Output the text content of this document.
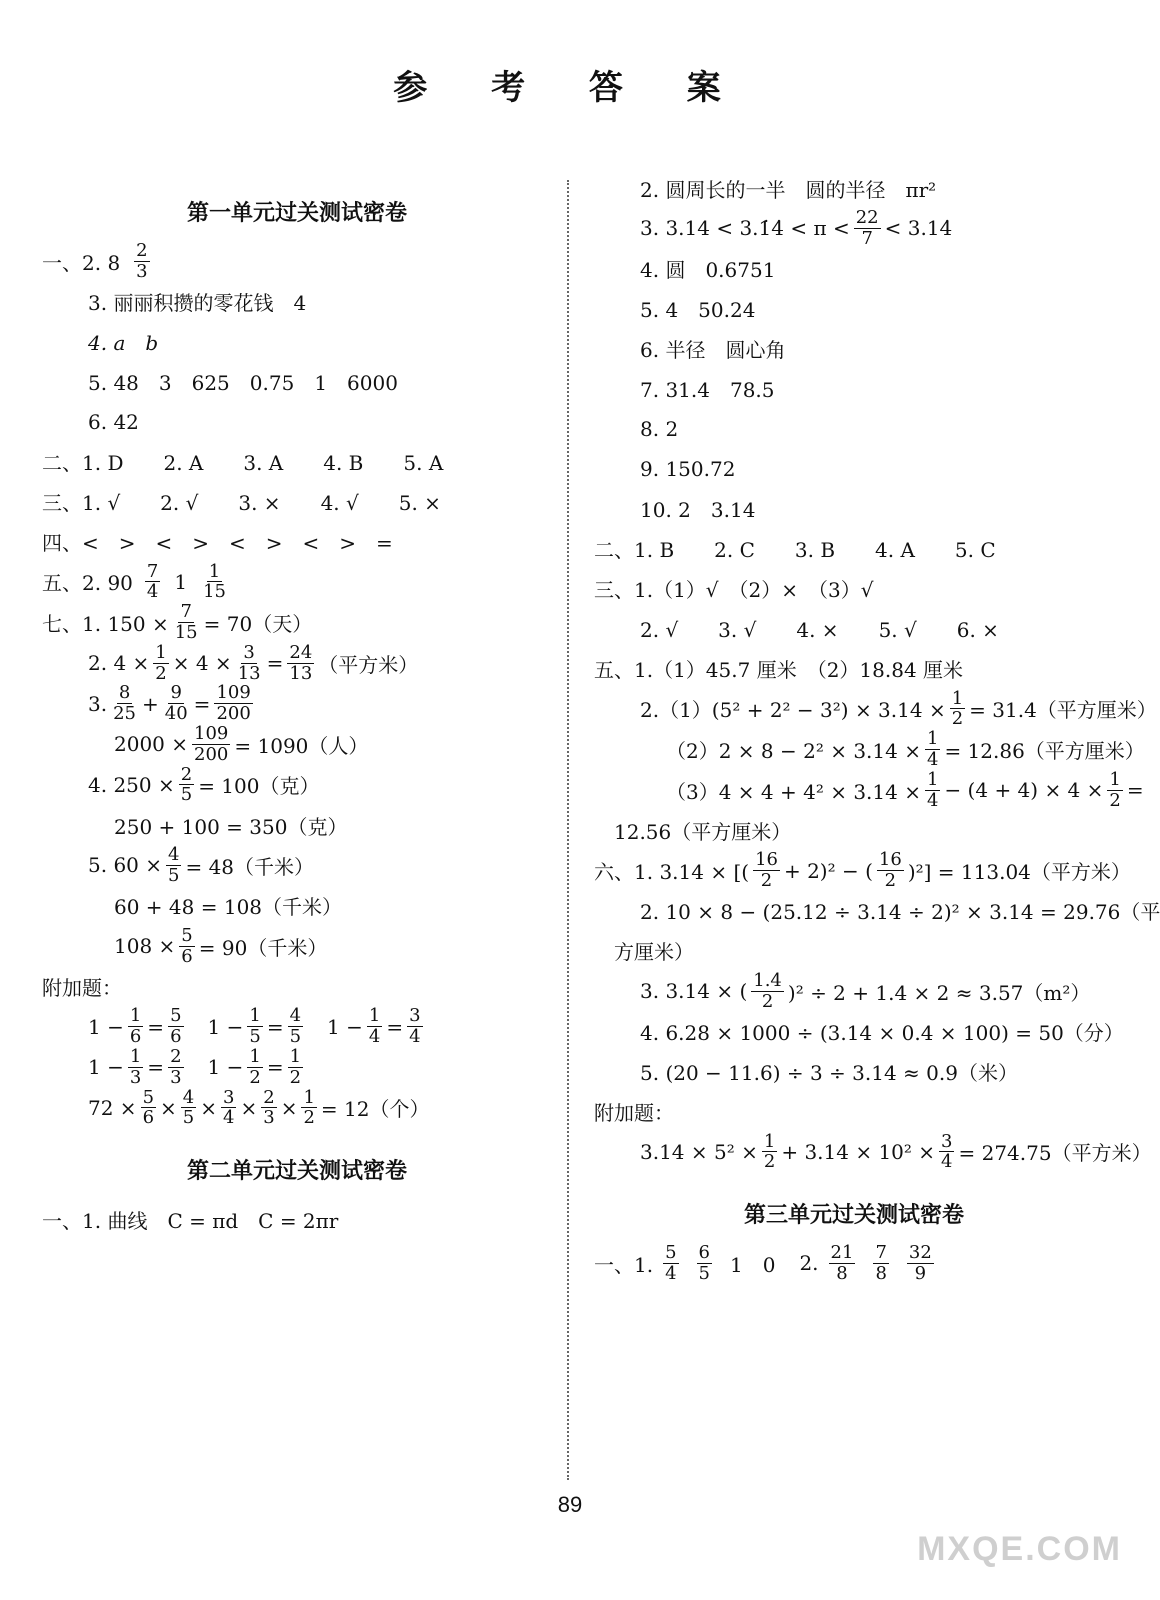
参 考 答 案
第一单元过关测试密卷
一、2. $8 \frac{2}{3}$
3. 丽丽积攒的零花钱　4
4. a　b
5. 48　3　625　0.75　1　6000
6. 42
二、1. D　　2. A　　3. A　　4. B　　5. A
三、1. √　　2. √　　3. ×　　4. √　　5. ×
四、<　>　<　>　<　>　<　>　=
五、2. $90 \frac{7}{4} 1 \frac{1}{15}$
七、1. $150 \times \frac{7}{15} = 70$（天）
2. $4 \times \frac{1}{2} \times 4 \times \frac{3}{13} = \frac{24}{13}$ （平方米）
3. $\frac{8}{25} + \frac{9}{40} = \frac{109}{200}$
$2000 \times \frac{109}{200} = 1090$（人）
4. $250 \times \frac{2}{5} = 100$（克）
250 + 100 = 350（克）
5. $60 \times \frac{4}{5} = 48$（千米）
60 + 48 = 108（千米）
$108 \times \frac{5}{6} = 90$（千米）
附加题：
$1 - \frac{1}{6} = \frac{5}{6} 1 - \frac{1}{5} = \frac{4}{5} 1 - \frac{1}{4} = \frac{3}{4}$
$1 - \frac{1}{3} = \frac{2}{3} 1 - \frac{1}{2} = \frac{1}{2}$
$72 \times \frac{5}{6} \times \frac{4}{5} \times \frac{3}{4} \times \frac{2}{3} \times \frac{1}{2} = 12$（个）
第二单元过关测试密卷
一、1. 曲线　C = πd　C = 2πr
2. 圆周长的一半　圆的半径　πr²
3. 3.14 < 3.1̇4̇ < $\pi < \frac{22}{7}$ < 3.14̇
4. 圆　0.6751
5. 4　50.24
6. 半径　圆心角
7. 31.4　78.5
8. 2
9. 150.72
10. 2　3.14
二、1. B　　2. C　　3. B　　4. A　　5. C
三、1.（1）√　（2）×　（3）√
2. √　　3. √　　4. ×　　5. √　　6. ×
五、1.（1）45.7 厘米　（2）18.84 厘米
$2.(1)(5^2 + 2^2 - 3^2) \times 3.14 \times \frac{1}{2} = 31.4$（平方厘米）
$(2)2 \times 8 - 2^2 \times 3.14 \times \frac{1}{4} = 12.86$（平方厘米）
$(3)4 \times 4 + 4^2 \times 3.14 \times \frac{1}{4} - (4 + 4) \times 4 \times \frac{1}{2}$ =
12.56（平方厘米）
六、1. 3.14 × [( $\frac{16}{2} + 2)^2$ − ( $\frac{16}{2} )^2] = 113.04$（平方米）
2. 10 × 8 − (25.12 ÷ 3.14 ÷ 2)² × 3.14 = 29.76（平
方厘米）
3. 3.14 × ( $\frac{1.4}{2} )^2 \div 2 + 1.4 \times 2 \approx 3.57(m^2)$
4. 6.28 × 1000 ÷ (3.14 × 0.4 × 100) = 50（分）
5. (20 − 11.6) ÷ 3 ÷ 3.14 ≈ 0.9（米）
附加题：
$3.14 \times 5^2 \times \frac{1}{2} + 3.14 \times 10^2 \times \frac{3}{4} = 274.75$（平方米）
第三单元过关测试密卷
一、1. $\frac{5}{4} \frac{6}{5} 1$　0 2. $\frac{21}{8} \frac{7}{8} \frac{32}{9}$
89
MXQE.COM
